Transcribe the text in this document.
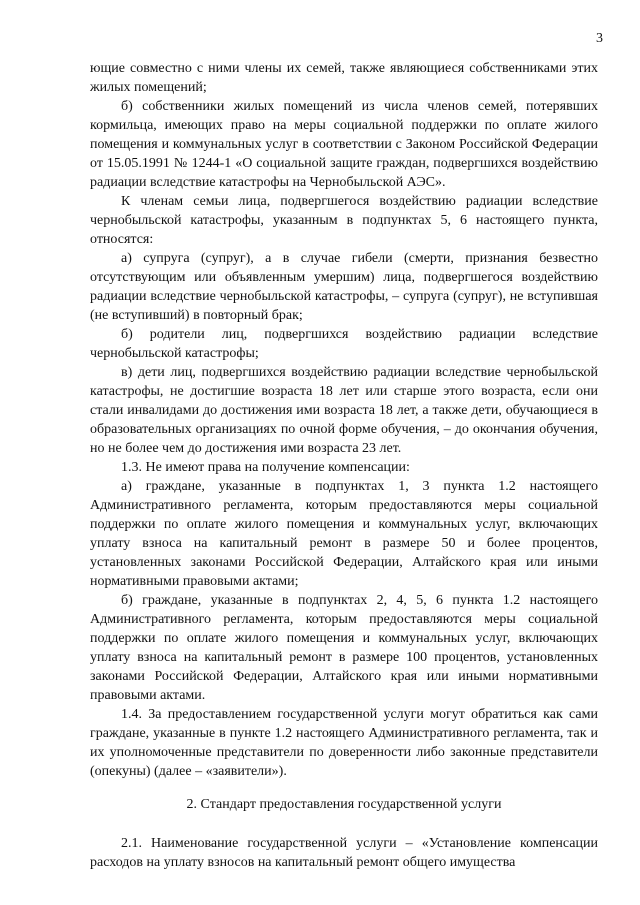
3

ющие совместно с ними члены их семей, также являющиеся собственниками этих жилых помещений;

б) собственники жилых помещений из числа членов семей, потерявших кормильца, имеющих право на меры социальной поддержки по оплате жилого помещения и коммунальных услуг в соответствии с Законом Российской Федерации от 15.05.1991 № 1244-1 «О социальной защите граждан, подвергшихся воздействию радиации вследствие катастрофы на Чернобыльской АЭС».

К членам семьи лица, подвергшегося воздействию радиации вследствие чернобыльской катастрофы, указанным в подпунктах 5, 6 настоящего пункта, относятся:

а) супруга (супруг), а в случае гибели (смерти, признания безвестно отсутствующим или объявленным умершим) лица, подвергшегося воздействию радиации вследствие чернобыльской катастрофы, – супруга (супруг), не вступившая (не вступивший) в повторный брак;

б) родители лиц, подвергшихся воздействию радиации вследствие чернобыльской катастрофы;

в) дети лиц, подвергшихся воздействию радиации вследствие чернобыльской катастрофы, не достигшие возраста 18 лет или старше этого возраста, если они стали инвалидами до достижения ими возраста 18 лет, а также дети, обучающиеся в образовательных организациях по очной форме обучения, – до окончания обучения, но не более чем до достижения ими возраста 23 лет.

1.3. Не имеют права на получение компенсации:

а) граждане, указанные в подпунктах 1, 3 пункта 1.2 настоящего Административного регламента, которым предоставляются меры социальной поддержки по оплате жилого помещения и коммунальных услуг, включающих уплату взноса на капитальный ремонт в размере 50 и более процентов, установленных законами Российской Федерации, Алтайского края или иными нормативными правовыми актами;

б) граждане, указанные в подпунктах 2, 4, 5, 6 пункта 1.2 настоящего Административного регламента, которым предоставляются меры социальной поддержки по оплате жилого помещения и коммунальных услуг, включающих уплату взноса на капитальный ремонт в размере 100 процентов, установленных законами Российской Федерации, Алтайского края или иными нормативными правовыми актами.

1.4. За предоставлением государственной услуги могут обратиться как сами граждане, указанные в пункте 1.2 настоящего Административного регламента, так и их уполномоченные представители по доверенности либо законные представители (опекуны) (далее – «заявители»).

2. Стандарт предоставления государственной услуги

2.1. Наименование государственной услуги – «Установление компенсации расходов на уплату взносов на капитальный ремонт общего имущества
